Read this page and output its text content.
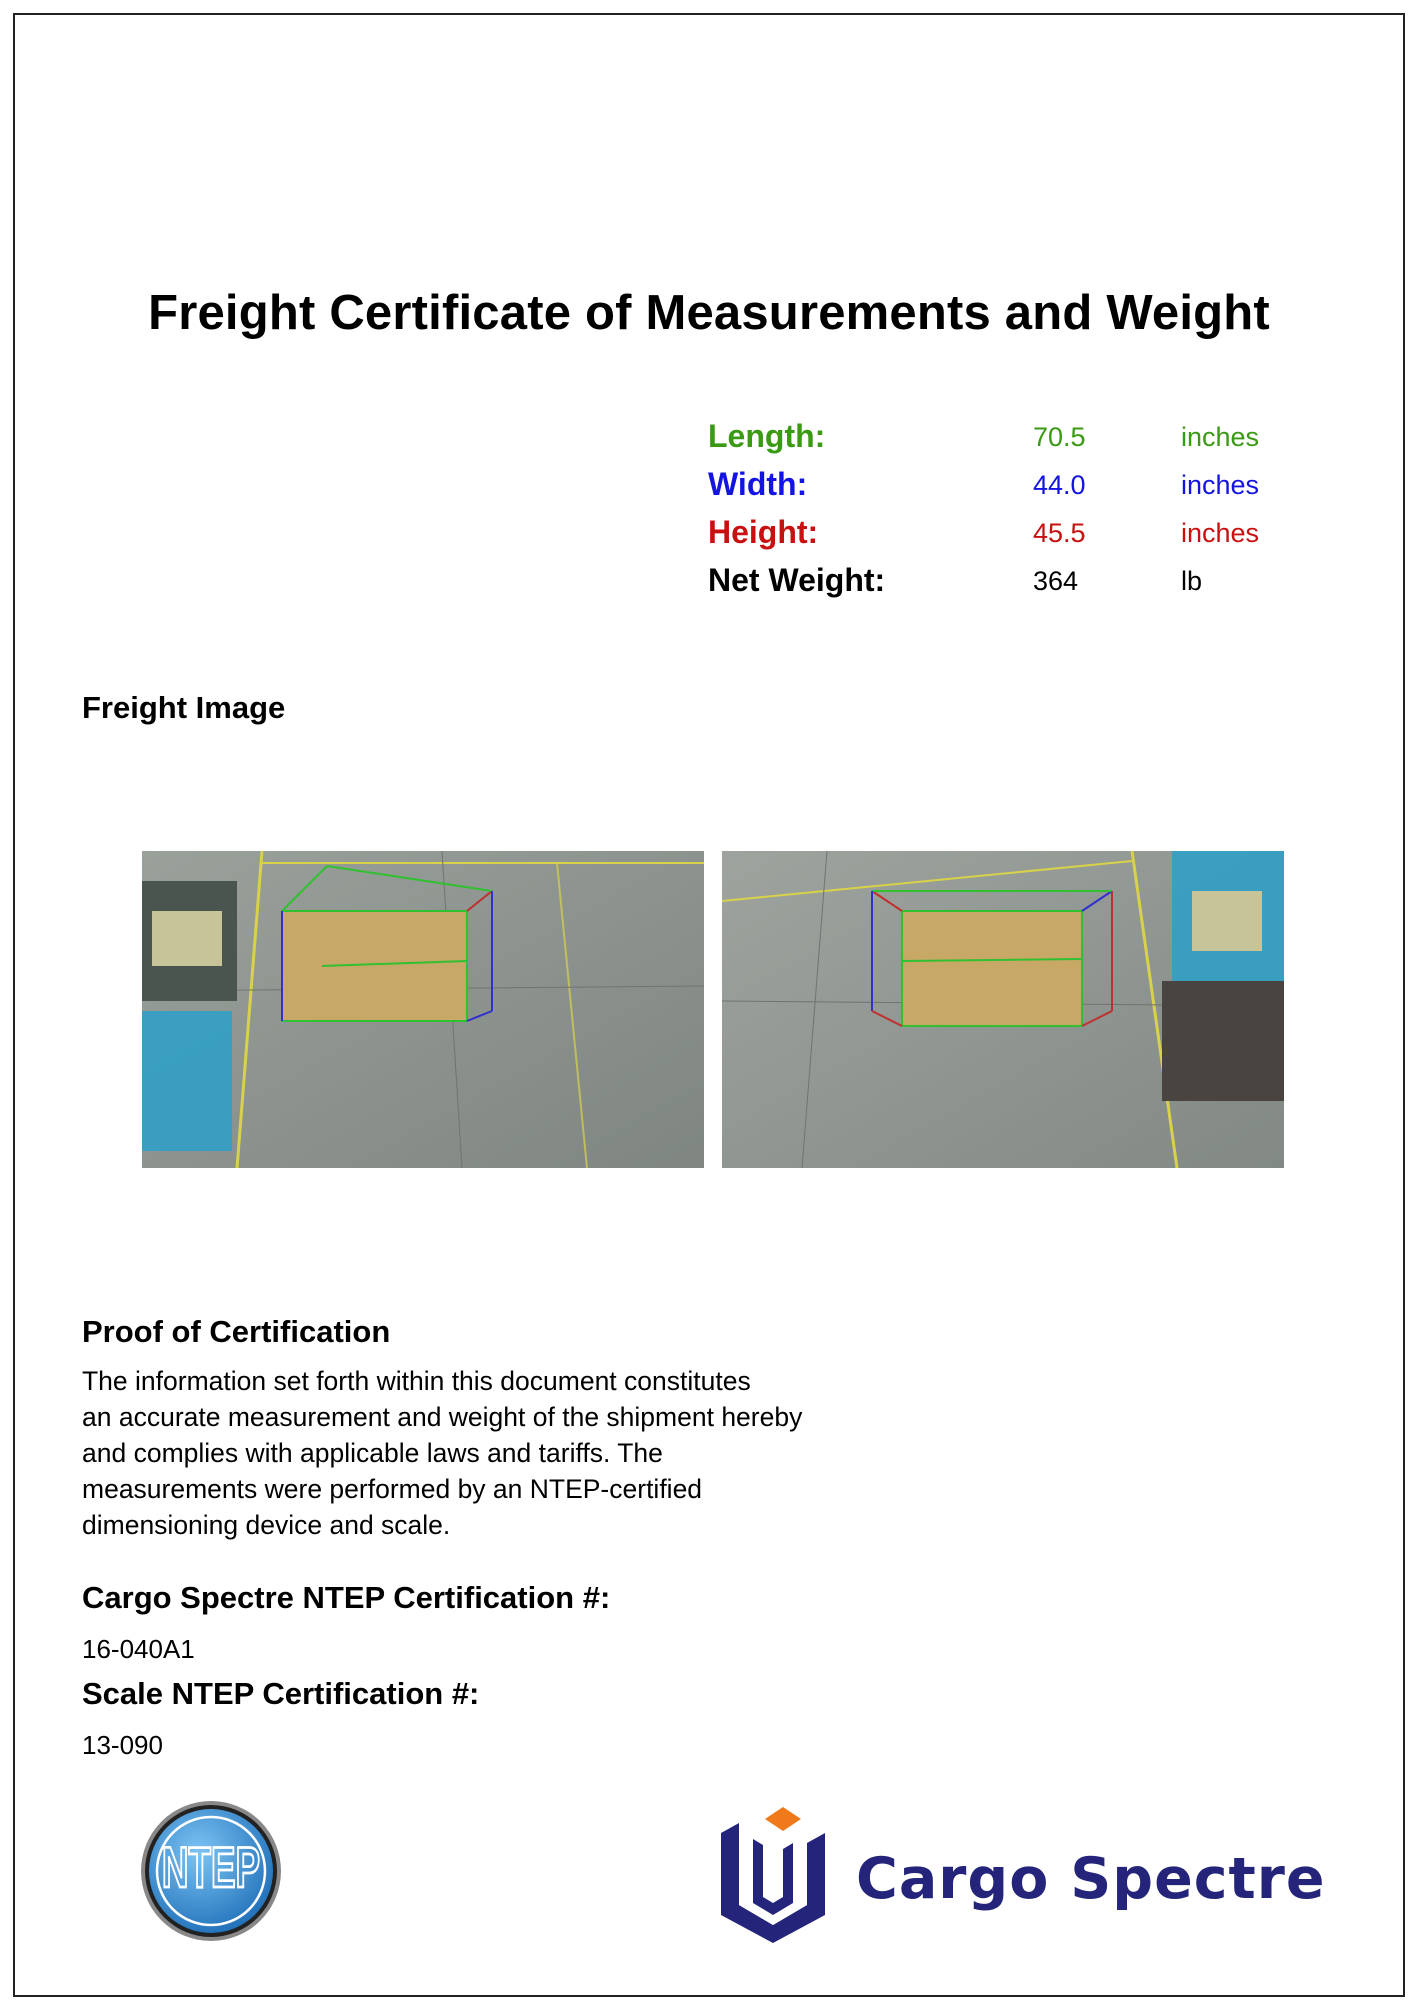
Freight Certificate of Measurements and Weight
Length:	70.5	inches
Width:	44.0	inches
Height:	45.5	inches
Net Weight:	364	lb
Freight Image
Proof of Certification
The information set forth within this document constitutes
an accurate measurement and weight of the shipment hereby
and complies with applicable laws and tariffs. The
measurements were performed by an NTEP-certified
dimensioning device and scale.
Cargo Spectre NTEP Certification #:
16-040A1
Scale NTEP Certification #:
13-090
NTEP	Cargo Spectre
